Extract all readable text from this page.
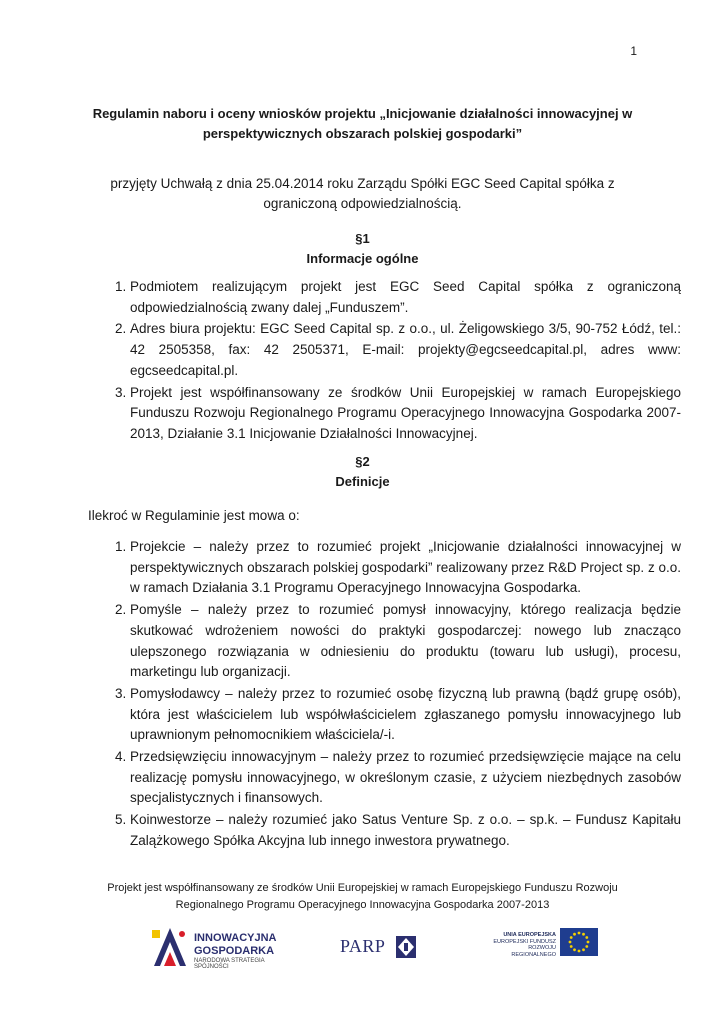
1
Regulamin naboru i oceny wniosków projektu „Inicjowanie działalności innowacyjnej w
perspektywicznych obszarach polskiej gospodarki”
przyjęty Uchwałą z dnia 25.04.2014 roku Zarządu Spółki EGC Seed Capital spółka z
ograniczoną odpowiedzialnością.
§1
Informacje ogólne
1. Podmiotem realizującym projekt jest EGC Seed Capital spółka z ograniczoną odpowiedzialnością zwany dalej „Funduszem”.
2. Adres biura projektu: EGC Seed Capital sp. z o.o., ul. Żeligowskiego 3/5, 90-752 Łódź, tel.: 42 2505358, fax: 42 2505371, E-mail: projekty@egcseedcapital.pl, adres www: egcseedcapital.pl.
3. Projekt jest współfinansowany ze środków Unii Europejskiej w ramach Europejskiego Funduszu Rozwoju Regionalnego Programu Operacyjnego Innowacyjna Gospodarka 2007-2013, Działanie 3.1 Inicjowanie Działalności Innowacyjnej.
§2
Definicje
Ilekroć w Regulaminie jest mowa o:
1. Projekcie – należy przez to rozumieć projekt „Inicjowanie działalności innowacyjnej w perspektywicznych obszarach polskiej gospodarki” realizowany przez R&D Project sp. z o.o. w ramach Działania 3.1 Programu Operacyjnego Innowacyjna Gospodarka.
2. Pomyśle – należy przez to rozumieć pomysł innowacyjny, którego realizacja będzie skutkować wdrożeniem nowości do praktyki gospodarczej: nowego lub znacząco ulepszonego rozwiązania w odniesieniu do produktu (towaru lub usługi), procesu, marketingu lub organizacji.
3. Pomysłodawcy – należy przez to rozumieć osobę fizyczną lub prawną (bądź grupę osób), która jest właścicielem lub współwłaścicielem zgłaszanego pomysłu innowacyjnego lub uprawnionym pełnomocnikiem właściciela/-i.
4. Przedsięwzięciu innowacyjnym – należy przez to rozumieć przedsięwzięcie mające na celu realizację pomysłu innowacyjnego, w określonym czasie, z użyciem niezbędnych zasobów specjalistycznych i finansowych.
5. Koinwestorze – należy rozumieć jako Satus Venture Sp. z o.o. – sp.k. – Fundusz Kapitału Zalążkowego Spółka Akcyjna lub innego inwestora prywatnego.
Projekt jest współfinansowany ze środków Unii Europejskiej w ramach Europejskiego Funduszu Rozwoju
Regionalnego Programu Operacyjnego Innowacyjna Gospodarka 2007-2013
INNOWACYJNA
GOSPODARKA
NARODOWA STRATEGIA SPÓJNOŚCI
PARP
UNIA EUROPEJSKA
EUROPEJSKI FUNDUSZ
ROZWOJU REGIONALNEGO
